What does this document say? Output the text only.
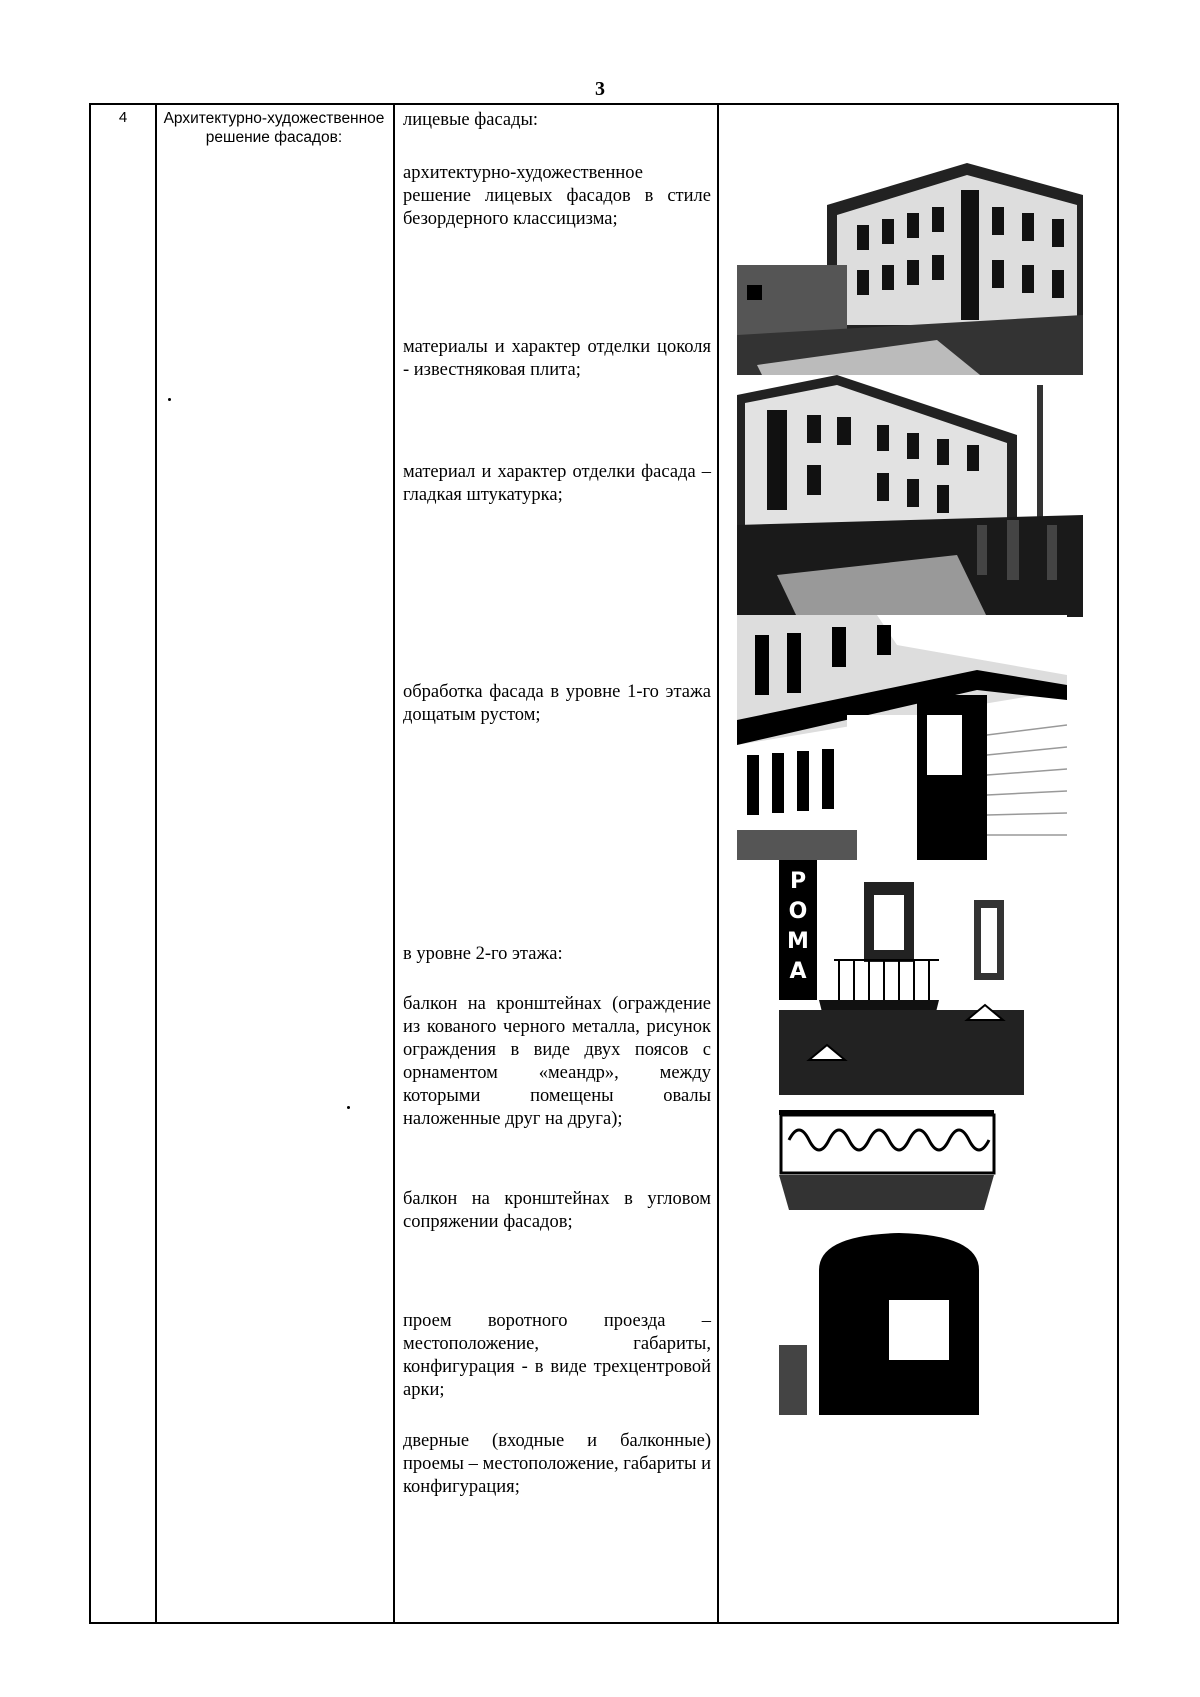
3
4	Архитектурно-художественное решение фасадов:

лицевые фасады:

архитектурно-художественное решение лицевых фасадов в стиле безордерного классицизма;

материалы и характер отделки цоколя - известняковая плита;

материал и характер отделки фасада – гладкая штукатурка;

обработка фасада в уровне 1-го этажа дощатым рустом;

в уровне 2-го этажа:

балкон на кронштейнах (ограждение из кованого черного металла, рисунок ограждения в виде двух поясов с орнаментом «меандр», между которыми помещены овалы наложенные друг на друга);

балкон на кронштейнах в угловом сопряжении фасадов;

проем воротного проезда – местоположение, габариты, конфигурация - в виде трехцентровой арки;

дверные (входные и балконные) проемы – местоположение, габариты и конфигурация;

Р О М А
